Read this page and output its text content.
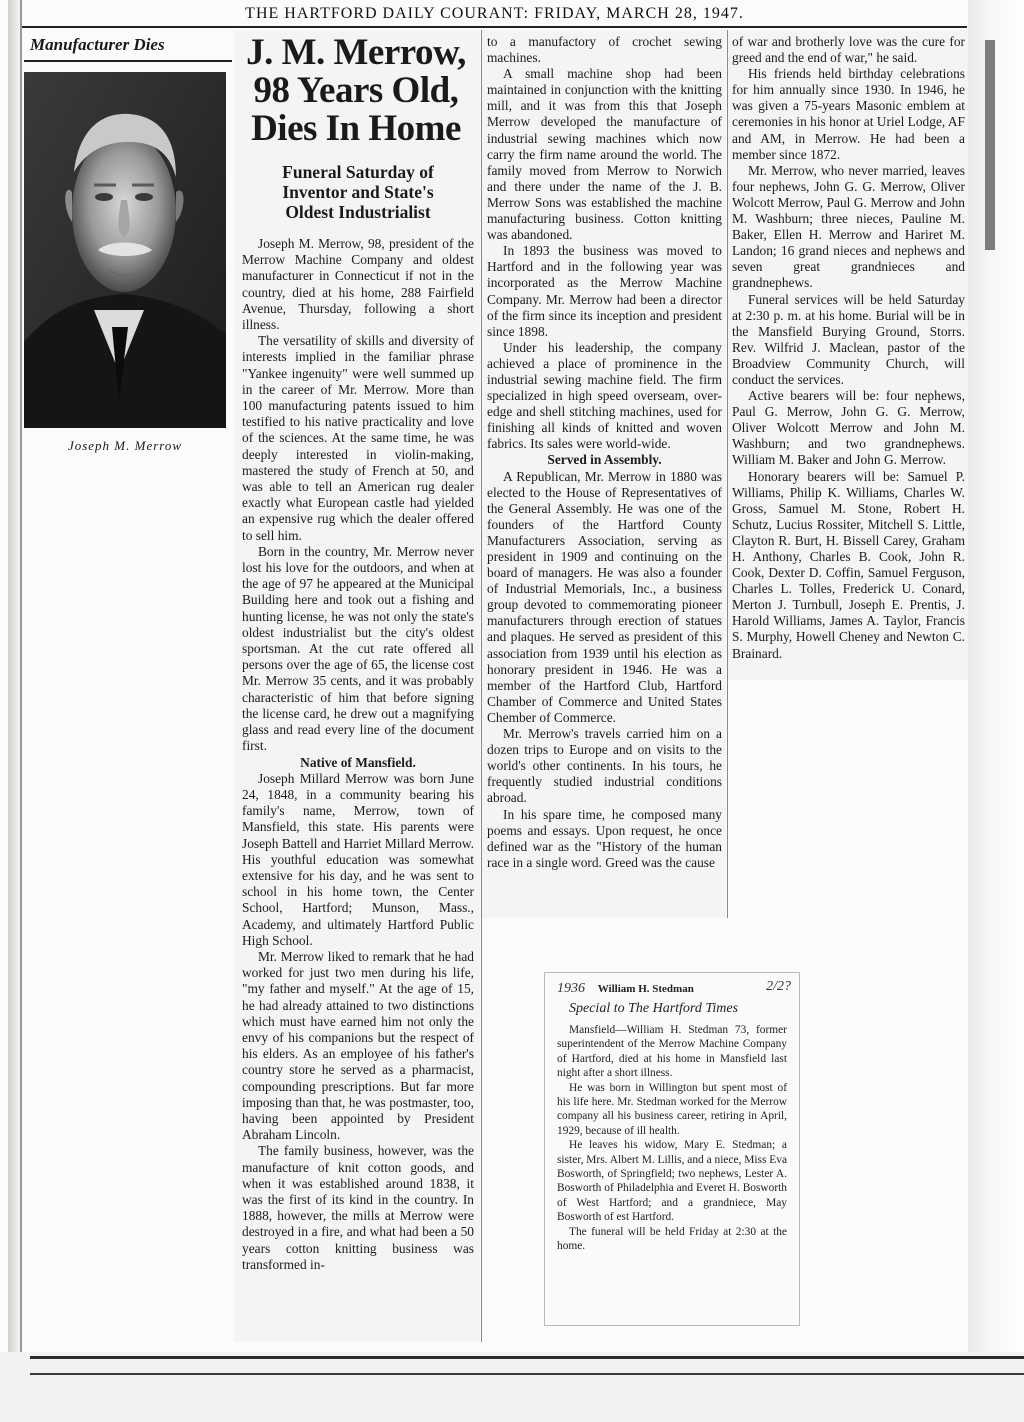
THE HARTFORD DAILY COURANT: FRIDAY, MARCH 28, 1947.
Manufacturer Dies
Joseph M. Merrow
J. M. Merrow,
98 Years Old,
Dies In Home
Funeral Saturday of
Inventor and State's
Oldest Industrialist

Joseph M. Merrow, 98, president of the Merrow Machine Company and oldest manufacturer in Connecticut if not in the country, died at his home, 288 Fairfield Avenue, Thursday, following a short illness.

The versatility of skills and diversity of interests implied in the familiar phrase "Yankee ingenuity" were well summed up in the career of Mr. Merrow. More than 100 manufacturing patents issued to him testified to his native practicality and love of the sciences. At the same time, he was deeply interested in violin-making, mastered the study of French at 50, and was able to tell an American rug dealer exactly what European castle had yielded an expensive rug which the dealer offered to sell him.

Born in the country, Mr. Merrow never lost his love for the outdoors, and when at the age of 97 he appeared at the Municipal Building here and took out a fishing and hunting license, he was not only the state's oldest industrialist but the city's oldest sportsman. At the cut rate offered all persons over the age of 65, the license cost Mr. Merrow 35 cents, and it was probably characteristic of him that before signing the license card, he drew out a magnifying glass and read every line of the document first.

Native of Mansfield.

Joseph Millard Merrow was born June 24, 1848, in a community bearing his family's name, Merrow, town of Mansfield, this state. His parents were Joseph Battell and Harriet Millard Merrow. His youthful education was somewhat extensive for his day, and he was sent to school in his home town, the Center School, Hartford; Munson, Mass., Academy, and ultimately Hartford Public High School.

Mr. Merrow liked to remark that he had worked for just two men during his life, "my father and myself." At the age of 15, he had already attained to two distinctions which must have earned him not only the envy of his companions but the respect of his elders. As an employee of his father's country store he served as a pharmacist, compounding prescriptions. But far more imposing than that, he was postmaster, too, having been appointed by President Abraham Lincoln.

The family business, however, was the manufacture of knit cotton goods, and when it was established around 1838, it was the first of its kind in the country. In 1888, however, the mills at Merrow were destroyed in a fire, and what had been a 50 years cotton knitting business was transformed in-

to a manufactory of crochet sewing machines.

A small machine shop had been maintained in conjunction with the knitting mill, and it was from this that Joseph Merrow developed the manufacture of industrial sewing machines which now carry the firm name around the world. The family moved from Merrow to Norwich and there under the name of the J. B. Merrow Sons was established the machine manufacturing business. Cotton knitting was abandoned.

In 1893 the business was moved to Hartford and in the following year was incorporated as the Merrow Machine Company. Mr. Merrow had been a director of the firm since its inception and president since 1898.

Under his leadership, the company achieved a place of prominence in the industrial sewing machine field. The firm specialized in high speed overseam, over-edge and shell stitching machines, used for finishing all kinds of knitted and woven fabrics. Its sales were world-wide.

Served in Assembly.

A Republican, Mr. Merrow in 1880 was elected to the House of Representatives of the General Assembly. He was one of the founders of the Hartford County Manufacturers Association, serving as president in 1909 and continuing on the board of managers. He was also a founder of Industrial Memorials, Inc., a business group devoted to commemorating pioneer manufacturers through erection of statues and plaques. He served as president of this association from 1939 until his election as honorary president in 1946. He was a member of the Hartford Club, Hartford Chamber of Commerce and United States Chember of Commerce.

Mr. Merrow's travels carried him on a dozen trips to Europe and on visits to the world's other continents. In his tours, he frequently studied industrial conditions abroad.

In his spare time, he composed many poems and essays. Upon request, he once defined war as the "History of the human race in a single word. Greed was the cause

of war and brotherly love was the cure for greed and the end of war," he said.

His friends held birthday celebrations for him annually since 1930. In 1946, he was given a 75-years Masonic emblem at ceremonies in his honor at Uriel Lodge, AF and AM, in Merrow. He had been a member since 1872.

Mr. Merrow, who never married, leaves four nephews, John G. G. Merrow, Oliver Wolcott Merrow, Paul G. Merrow and John M. Washburn; three nieces, Pauline M. Baker, Ellen H. Merrow and Hariret M. Landon; 16 grand nieces and nephews and seven great grandnieces and grandnephews.

Funeral services will be held Saturday at 2:30 p. m. at his home. Burial will be in the Mansfield Burying Ground, Storrs. Rev. Wilfrid J. Maclean, pastor of the Broadview Community Church, will conduct the services.

Active bearers will be: four nephews, Paul G. Merrow, John G. G. Merrow, Oliver Wolcott Merrow and John M. Washburn; and two grandnephews. William M. Baker and John G. Merrow.

Honorary bearers will be: Samuel P. Williams, Philip K. Williams, Charles W. Gross, Samuel M. Stone, Robert H. Schutz, Lucius Rossiter, Mitchell S. Little, Clayton R. Burt, H. Bissell Carey, Graham H. Anthony, Charles B. Cook, John R. Cook, Dexter D. Coffin, Samuel Ferguson, Charles L. Tolles, Frederick U. Conard, Merton J. Turnbull, Joseph E. Prentis, J. Harold Williams, James A. Taylor, Francis S. Murphy, Howell Cheney and Newton C. Brainard.

1936 William H. Stedman	2/2?
Special to The Hartford Times

Mansfield—William H. Stedman 73, former superintendent of the Merrow Machine Company of Hartford, died at his home in Mansfield last night after a short illness.

He was born in Willington but spent most of his life here. Mr. Stedman worked for the Merrow company all his business career, retiring in April, 1929, because of ill health.

He leaves his widow, Mary E. Stedman; a sister, Mrs. Albert M. Lillis, and a niece, Miss Eva Bosworth, of Springfield; two nephews, Lester A. Bosworth of Philadelphia and Everet H. Bosworth of West Hartford; and a grandniece, May Bosworth of est Hartford.

The funeral will be held Friday at 2:30 at the home.
